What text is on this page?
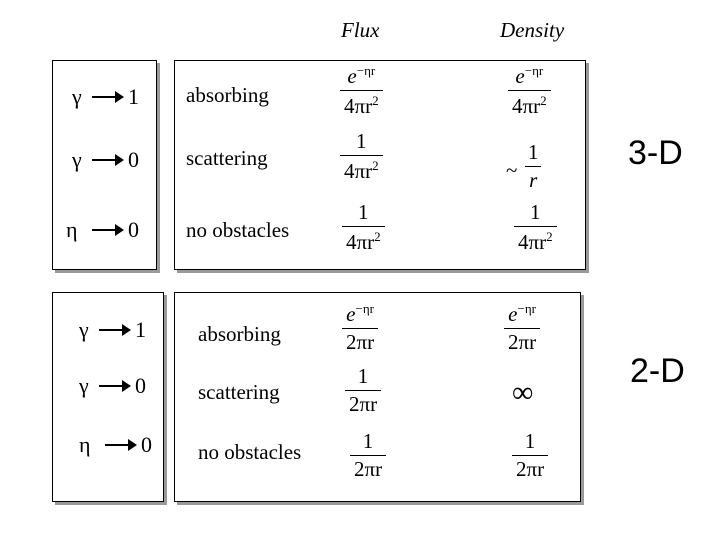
Flux	Density
γ 1
γ 0
η 0
absorbing
scattering
no obstacles
$\frac{e^{-\eta r}}{4\pi r^2}$
$\frac{1}{4\pi r^2}$
$\frac{1}{4\pi r^2}$
$\frac{e^{-\eta r}}{4\pi r^2}$
~ $\frac{1}{r}$
$\frac{1}{4\pi r^2}$
3-D
γ 1
γ 0
η 0
absorbing
scattering
no obstacles
$\frac{e^{-\eta r}}{2\pi r}$
$\frac{1}{2\pi r}$
$\frac{1}{2\pi r}$
$\frac{e^{-\eta r}}{2\pi r}$
∞
$\frac{1}{2\pi r}$
2-D
